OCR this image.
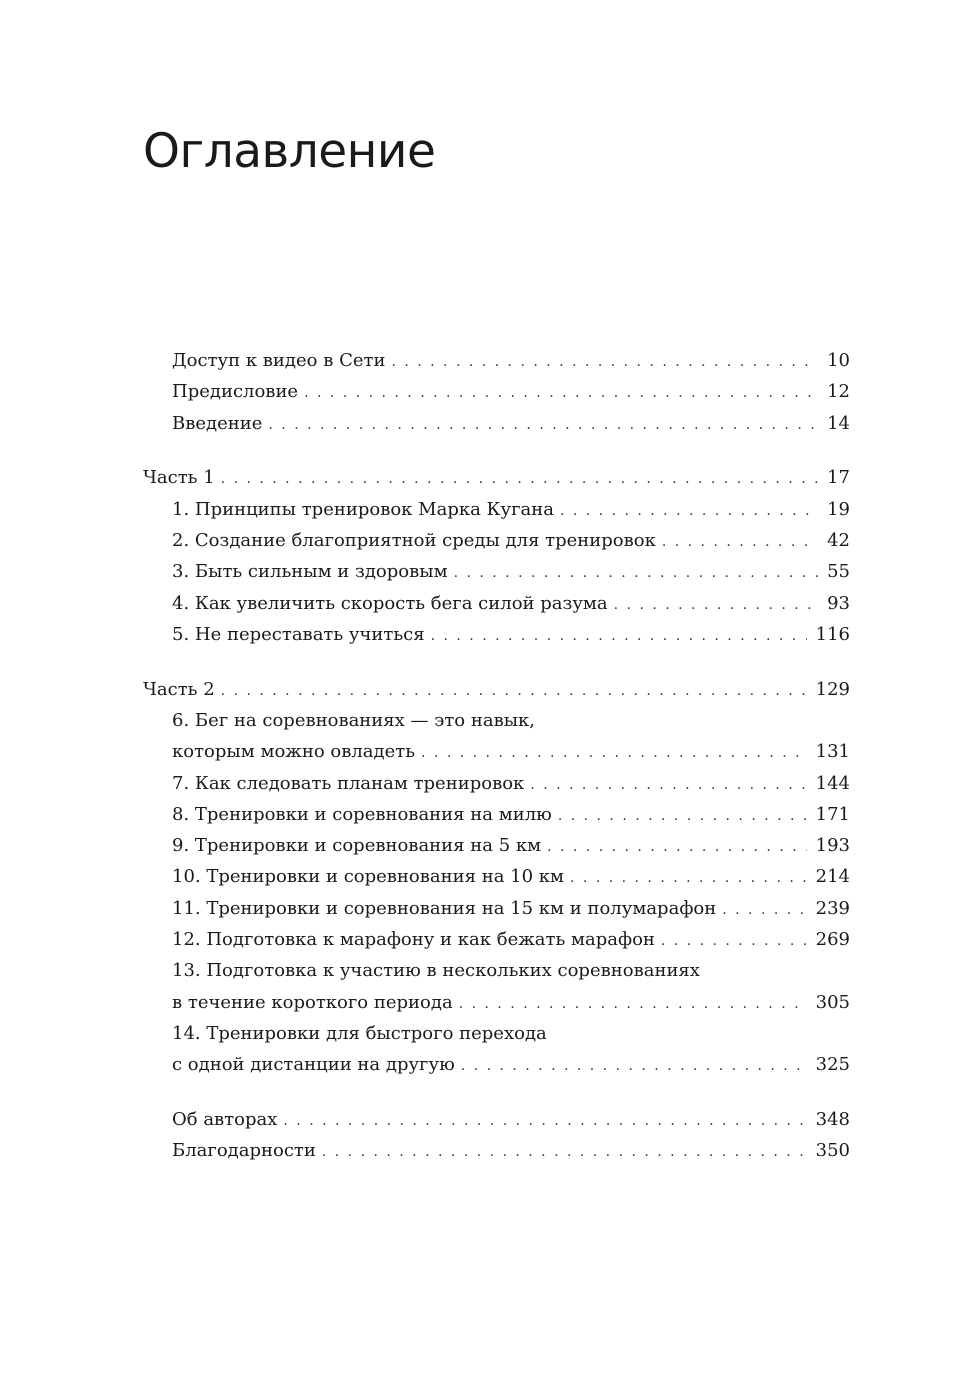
Оглавление
Доступ к видео в Сети . . .	10
Предисловие . . .	12
Введение . . .	14
Часть 1 . . .	17
1. Принципы тренировок Марка Кугана . . .	19
2. Создание благоприятной среды для тренировок . . .	42
3. Быть сильным и здоровым . . .	55
4. Как увеличить скорость бега силой разума . . .	93
5. Не переставать учиться . . .	116
Часть 2 . . .	129
6. Бег на соревнованиях — это навык,
которым можно овладеть . . .	131
7. Как следовать планам тренировок . . .	144
8. Тренировки и соревнования на милю . . .	171
9. Тренировки и соревнования на 5 км . . .	193
10. Тренировки и соревнования на 10 км . . .	214
11. Тренировки и соревнования на 15 км и полумарафон . . .	239
12. Подготовка к марафону и как бежать марафон . . .	269
13. Подготовка к участию в нескольких соревнованиях
в течение короткого периода . . .	305
14. Тренировки для быстрого перехода
с одной дистанции на другую . . .	325
Об авторах . . .	348
Благодарности . . .	350
